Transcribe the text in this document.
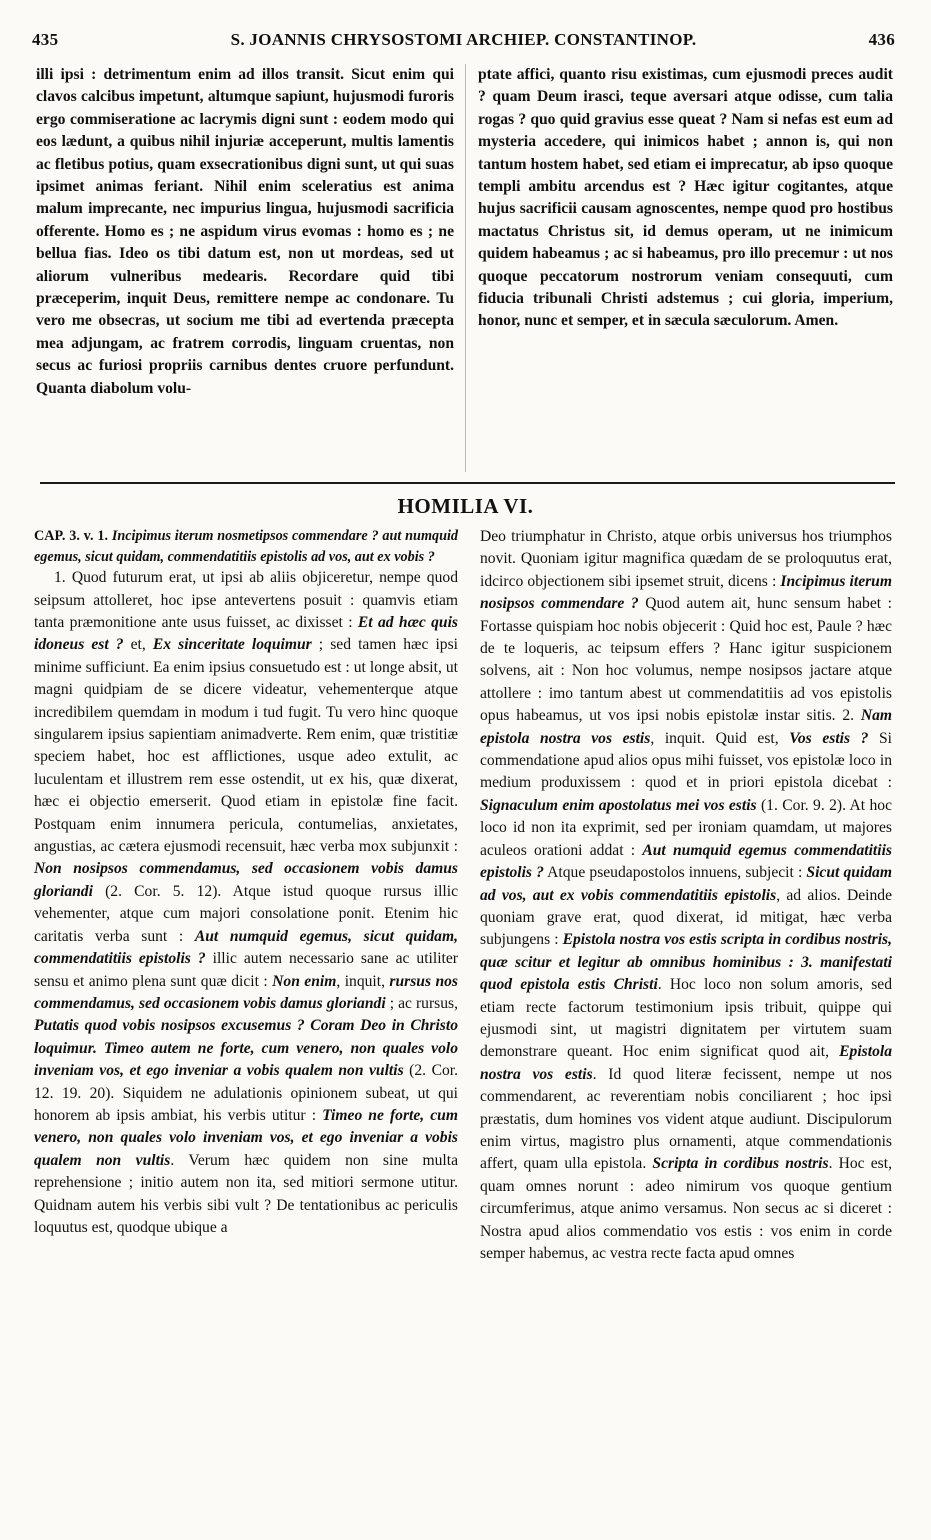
435	S. JOANNIS CHRYSOSTOMI ARCHIEP. CONSTANTINOP.	436

illi ipsi : detrimentum enim ad illos transit. Sicut enim qui clavos calcibus impetunt, altumque sapiunt, hujusmodi furoris ergo commiseratione ac lacrymis digni sunt : eodem modo qui eos lædunt, a quibus nihil injuriæ acceperunt, multis lamentis ac fletibus potius, quam exsecrationibus digni sunt, ut qui suas ipsimet animas feriant. Nihil enim sceleratius est anima malum imprecante, nec impurius lingua, hujusmodi sacrificia offerente. Homo es ; ne aspidum virus evomas : homo es ; ne bellua fias. Ideo os tibi datum est, non ut mordeas, sed ut aliorum vulneribus medearis. Recordare quid tibi præceperim, inquit Deus, remittere nempe ac condonare. Tu vero me obsecras, ut socium me tibi ad evertenda præcepta mea adjungam, ac fratrem corrodis, linguam cruentas, non secus ac furiosi propriis carnibus dentes cruore perfundunt. Quanta diabolum volu-

ptate affici, quanto risu existimas, cum ejusmodi preces audit ? quam Deum irasci, teque aversari atque odisse, cum talia rogas ? quo quid gravius esse queat ? Nam si nefas est eum ad mysteria accedere, qui inimicos habet ; annon is, qui non tantum hostem habet, sed etiam ei imprecatur, ab ipso quoque templi ambitu arcendus est ? Hæc igitur cogitantes, atque hujus sacrificii causam agnoscentes, nempe quod pro hostibus mactatus Christus sit, id demus operam, ut ne inimicum quidem habeamus ; ac si habeamus, pro illo precemur : ut nos quoque peccatorum nostrorum veniam consequuti, cum fiducia tribunali Christi adstemus ; cui gloria, imperium, honor, nunc et semper, et in sæcula sæculorum. Amen.

HOMILIA VI.

CAP. 3. v. 1. Incipimus iterum nosmetipsos commendare ? aut numquid egemus, sicut quidam, commendatitiis epistolis ad vos, aut ex vobis ?

1. Quod futurum erat, ut ipsi ab aliis objiceretur, nempe quod seipsum attolleret, hoc ipse antevertens posuit : quamvis etiam tanta præmonitione ante usus fuisset, ac dixisset : Et ad hæc quis idoneus est ? et, Ex sinceritate loquimur ; sed tamen hæc ipsi minime sufficiunt. Ea enim ipsius consuetudo est : ut longe absit, ut magni quidpiam de se dicere videatur, vehementerque atque incredibilem quemdam in modum i tud fugit. Tu vero hinc quoque singularem ipsius sapientiam animadverte. Rem enim, quæ tristitiæ speciem habet, hoc est afflictiones, usque adeo extulit, ac luculentam et illustrem rem esse ostendit, ut ex his, quæ dixerat, hæc ei objectio emerserit. Quod etiam in epistolæ fine facit. Postquam enim innumera pericula, contumelias, anxietates, angustias, ac cætera ejusmodi recensuit, hæc verba mox subjunxit : Non nosipsos commendamus, sed occasionem vobis damus gloriandi (2. Cor. 5. 12). Atque istud quoque rursus illic vehementer, atque cum majori consolatione ponit. Etenim hic caritatis verba sunt : Aut numquid egemus, sicut quidam, commendatitiis epistolis ? illic autem necessario sane ac utiliter sensu et animo plena sunt quæ dicit : Non enim, inquit, rursus nos commendamus, sed occasionem vobis damus gloriandi ; ac rursus, Putatis quod vobis nosipsos excusemus ? Coram Deo in Christo loquimur. Timeo autem ne forte, cum venero, non quales volo inveniam vos, et ego inveniar a vobis qualem non vultis (2. Cor. 12. 19. 20). Siquidem ne adulationis opinionem subeat, ut qui honorem ab ipsis ambiat, his verbis utitur : Timeo ne forte, cum venero, non quales volo inveniam vos, et ego inveniar a vobis qualem non vultis. Verum hæc quidem non sine multa reprehensione ; initio autem non ita, sed mitiori sermone utitur. Quidnam autem his verbis sibi vult ? De tentationibus ac periculis loquutus est, quodque ubique a

Deo triumphatur in Christo, atque orbis universus hos triumphos novit. Quoniam igitur magnifica quædam de se proloquutus erat, idcirco objectionem sibi ipsemet struit, dicens : Incipimus iterum nosipsos commendare ? Quod autem ait, hunc sensum habet : Fortasse quispiam hoc nobis objecerit : Quid hoc est, Paule ? hæc de te loqueris, ac teipsum effers ? Hanc igitur suspicionem solvens, ait : Non hoc volumus, nempe nosipsos jactare atque attollere : imo tantum abest ut commendatitiis ad vos epistolis opus habeamus, ut vos ipsi nobis epistolæ instar sitis. 2. Nam epistola nostra vos estis, inquit. Quid est, Vos estis ? Si commendatione apud alios opus mihi fuisset, vos epistolæ loco in medium produxissem : quod et in priori epistola dicebat : Signaculum enim apostolatus mei vos estis (1. Cor. 9. 2). At hoc loco id non ita exprimit, sed per ironiam quamdam, ut majores aculeos orationi addat : Aut numquid egemus commendatitiis epistolis ? Atque pseudapostolos innuens, subjecit : Sicut quidam ad vos, aut ex vobis commendatitiis epistolis, ad alios. Deinde quoniam grave erat, quod dixerat, id mitigat, hæc verba subjungens : Epistola nostra vos estis scripta in cordibus nostris, quæ scitur et legitur ab omnibus hominibus : 3. manifestati quod epistola estis Christi. Hoc loco non solum amoris, sed etiam recte factorum testimonium ipsis tribuit, quippe qui ejusmodi sint, ut magistri dignitatem per virtutem suam demonstrare queant. Hoc enim significat quod ait, Epistola nostra vos estis. Id quod literæ fecissent, nempe ut nos commendarent, ac reverentiam nobis conciliarent ; hoc ipsi præstatis, dum homines vos vident atque audiunt. Discipulorum enim virtus, magistro plus ornamenti, atque commendationis affert, quam ulla epistola. Scripta in cordibus nostris. Hoc est, quam omnes norunt : adeo nimirum vos quoque gentium circumferimus, atque animo versamus. Non secus ac si diceret : Nostra apud alios commendatio vos estis : vos enim in corde semper habemus, ac vestra recte facta apud omnes
